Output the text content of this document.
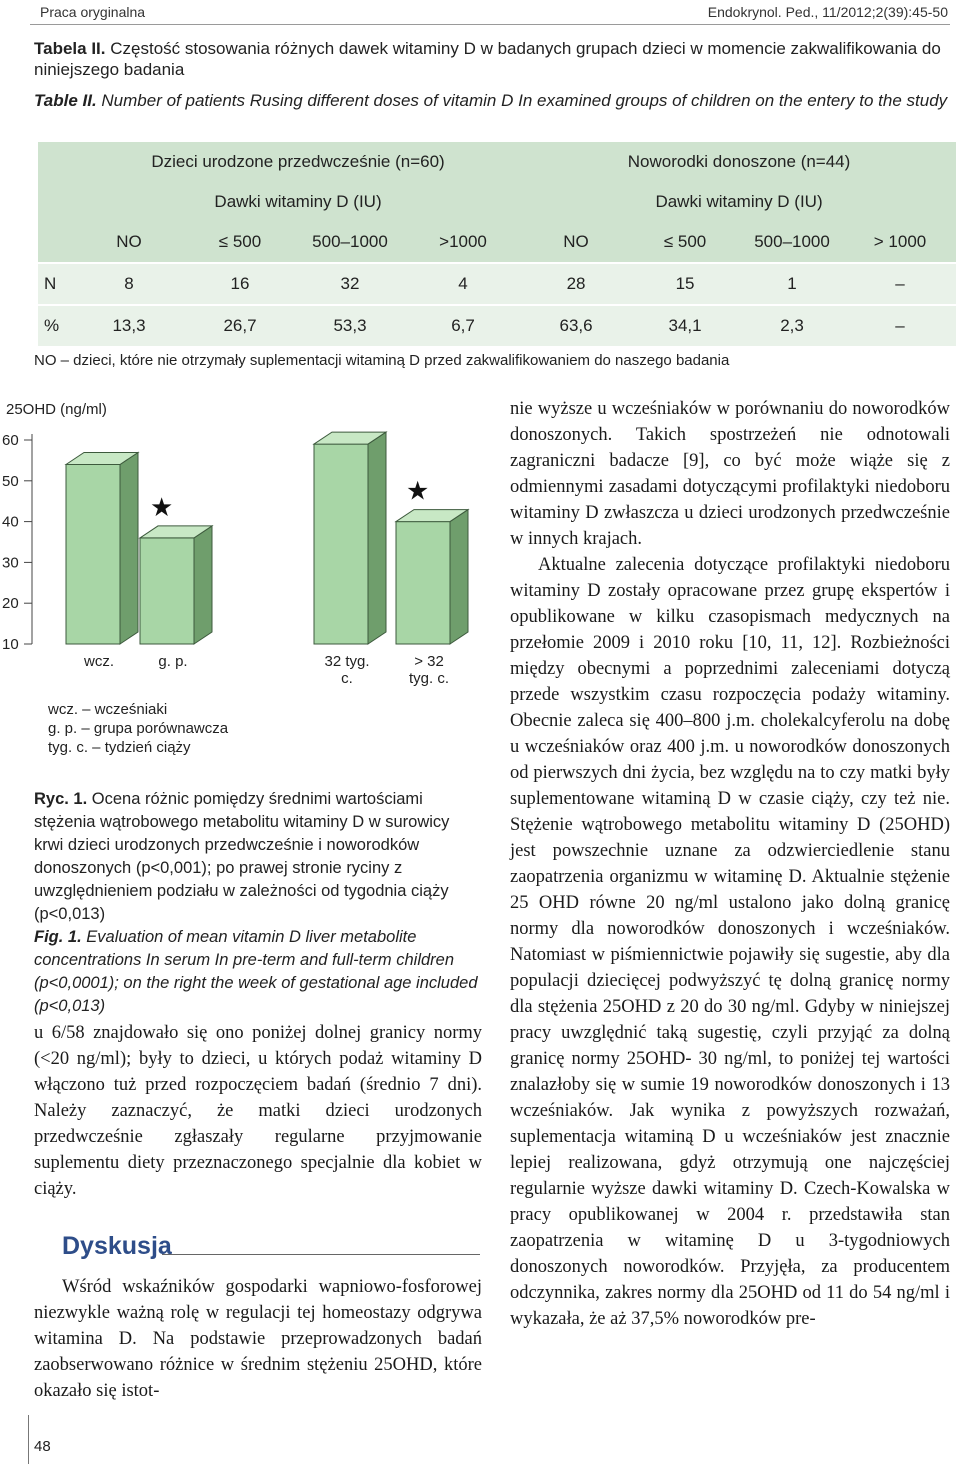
Praca oryginalna	Endokrynol. Ped., 11/2012;2(39):45-50
Tabela II. Częstość stosowania różnych dawek witaminy D w badanych grupach dzieci w momencie zakwalifikowania do niniejszego badania
Table II. Number of patients Rusing different doses of vitamin D In examined groups of children on the entery to the study
	Dzieci urodzone przedwcześnie (n=60)				Noworodki donoszone (n=44)			
	Dawki witaminy D (IU)				Dawki witaminy D (IU)			
	NO	≤ 500	500–1000	>1000	NO	≤ 500	500–1000	> 1000
N	8	16	32	4	28	15	1	–
%	13,3	26,7	53,3	6,7	63,6	34,1	2,3	–
NO – dzieci, które nie otrzymały suplementacji witaminą D przed zakwalifikowaniem do naszego badania
25OHD (ng/ml)
10
20
30
40
50
60
★
★
wcz.	g. p.	32 tyg.
c.
> 32
tyg. c.
wcz. – wcześniaki
g. p. – grupa porównawcza
tyg. c. – tydzień ciąży
Ryc. 1. Ocena różnic pomiędzy średnimi wartościami stężenia wątrobowego metabolitu witaminy D w surowicy krwi dzieci urodzonych przedwcześnie i noworodków donoszonych (p<0,001); po prawej stronie ryciny z uwzględnieniem podziału w zależności od tygodnia ciąży (p<0,013)
Fig. 1. Evaluation of mean vitamin D liver metabolite concentrations In serum In pre-term and full-term children (p<0,0001); on the right the week of gestational age included (p<0,013)
u 6/58 znajdowało się ono poniżej dolnej granicy normy (<20 ng/ml); były to dzieci, u których podaż witaminy D włączono tuż przed rozpoczęciem badań (średnio 7 dni). Należy zaznaczyć, że matki dzieci urodzonych przedwcześnie zgłaszały regularne przyjmowanie suplementu diety przeznaczonego specjalnie dla kobiet w ciąży.
Dyskusja
Wśród wskaźników gospodarki wapniowo-fosforowej niezwykle ważną rolę w regulacji tej homeostazy odgrywa witamina D. Na podstawie przeprowadzonych badań zaobserwowano różnice w średnim stężeniu 25OHD, które okazało się istot-
nie wyższe u wcześniaków w porównaniu do noworodków donoszonych. Takich spostrzeżeń nie odnotowali zagraniczni badacze [9], co być może wiąże się z odmiennymi zasadami dotyczącymi profilaktyki niedoboru witaminy D zwłaszcza u dzieci urodzonych przedwcześnie w innych krajach.
Aktualne zalecenia dotyczące profilaktyki niedoboru witaminy D zostały opracowane przez grupę ekspertów i opublikowane w kilku czasopismach medycznych na przełomie 2009 i 2010 roku [10, 11, 12]. Rozbieżności między obecnymi a poprzednimi zaleceniami dotyczą przede wszystkim czasu rozpoczęcia podaży witaminy. Obecnie zaleca się 400–800 j.m. cholekalcyferolu na dobę u wcześniaków oraz 400 j.m. u noworodków donoszonych od pierwszych dni życia, bez względu na to czy matki były suplementowane witaminą D w czasie ciąży, czy też nie. Stężenie wątrobowego metabolitu witaminy D (25OHD) jest powszechnie uznane za odzwierciedlenie stanu zaopatrzenia organizmu w witaminę D. Aktualnie stężenie 25 OHD równe 20 ng/ml ustalono jako dolną granicę normy dla noworodków donoszonych i wcześniaków. Natomiast w piśmiennictwie pojawiły się sugestie, aby dla populacji dziecięcej podwyższyć tę dolną granicę normy dla stężenia 25OHD z 20 do 30 ng/ml. Gdyby w niniejszej pracy uwzględnić taką sugestię, czyli przyjąć za dolną granicę normy 25OHD- 30 ng/ml, to poniżej tej wartości znalazłoby się w sumie 19 noworodków donoszonych i 13 wcześniaków. Jak wynika z powyższych rozważań, suplementacja witaminą D u wcześniaków jest znacznie lepiej realizowana, gdyż otrzymują one najczęściej regularnie wyższe dawki witaminy D. Czech-Kowalska w pracy opublikowanej w 2004 r. przedstawiła stan zaopatrzenia w witaminę D u 3-tygodniowych donoszonych noworodków. Przyjęła, za producentem odczynnika, zakres normy dla 25OHD od 11 do 54 ng/ml i wykazała, że aż 37,5% noworodków pre-
48
